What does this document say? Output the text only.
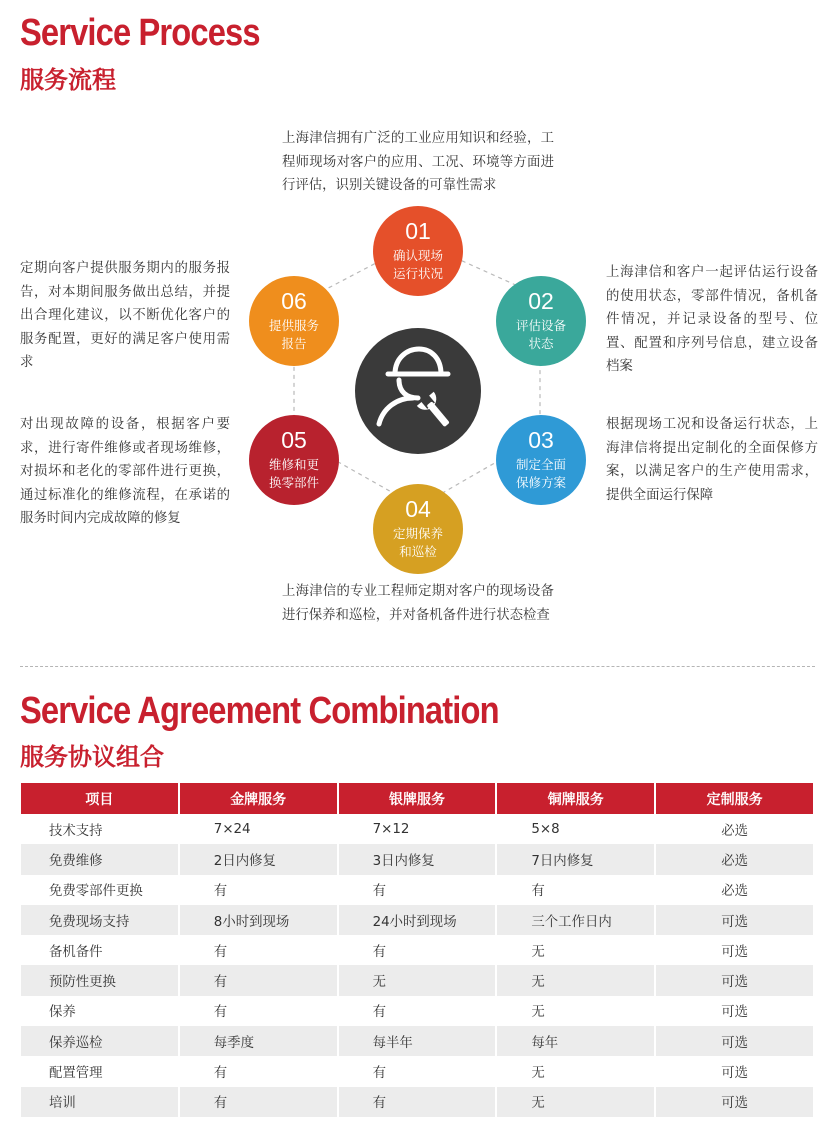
Service Process
服务流程

上海津信拥有广泛的工业应用知识和经验，工程师现场对客户的应用、工况、环境等方面进行评估，识别关键设备的可靠性需求

上海津信和客户一起评估运行设备的使用状态，零部件情况，备机备件情况，并记录设备的型号、位置、配置和序列号信息，建立设备档案

根据现场工况和设备运行状态，上海津信将提出定制化的全面保修方案，以满足客户的生产使用需求，提供全面运行保障

上海津信的专业工程师定期对客户的现场设备进行保养和巡检，并对备机备件进行状态检查

对出现故障的设备，根据客户要求，进行寄件维修或者现场维修，对损坏和老化的零部件进行更换，通过标准化的维修流程，在承诺的服务时间内完成故障的修复

定期向客户提供服务期内的服务报告，对本期间服务做出总结，并提出合理化建议，以不断优化客户的服务配置，更好的满足客户使用需求

01
确认现场运行状况
02
评估设备状态
03
制定全面保修方案
04
定期保养和巡检
05
维修和更换零部件
06
提供服务报告
Service Agreement Combination
服务协议组合
项目	金牌服务	银牌服务	铜牌服务	定制服务
技术支持	7×24	7×12	5×8	必选
免费维修	2日内修复	3日内修复	7日内修复	必选
免费零部件更换	有	有	有	必选
免费现场支持	8小时到现场	24小时到现场	三个工作日内	可选
备机备件	有	有	无	可选
预防性更换	有	无	无	可选
保养	有	有	无	可选
保养巡检	每季度	每半年	每年	可选
配置管理	有	有	无	可选
培训	有	有	无	可选
